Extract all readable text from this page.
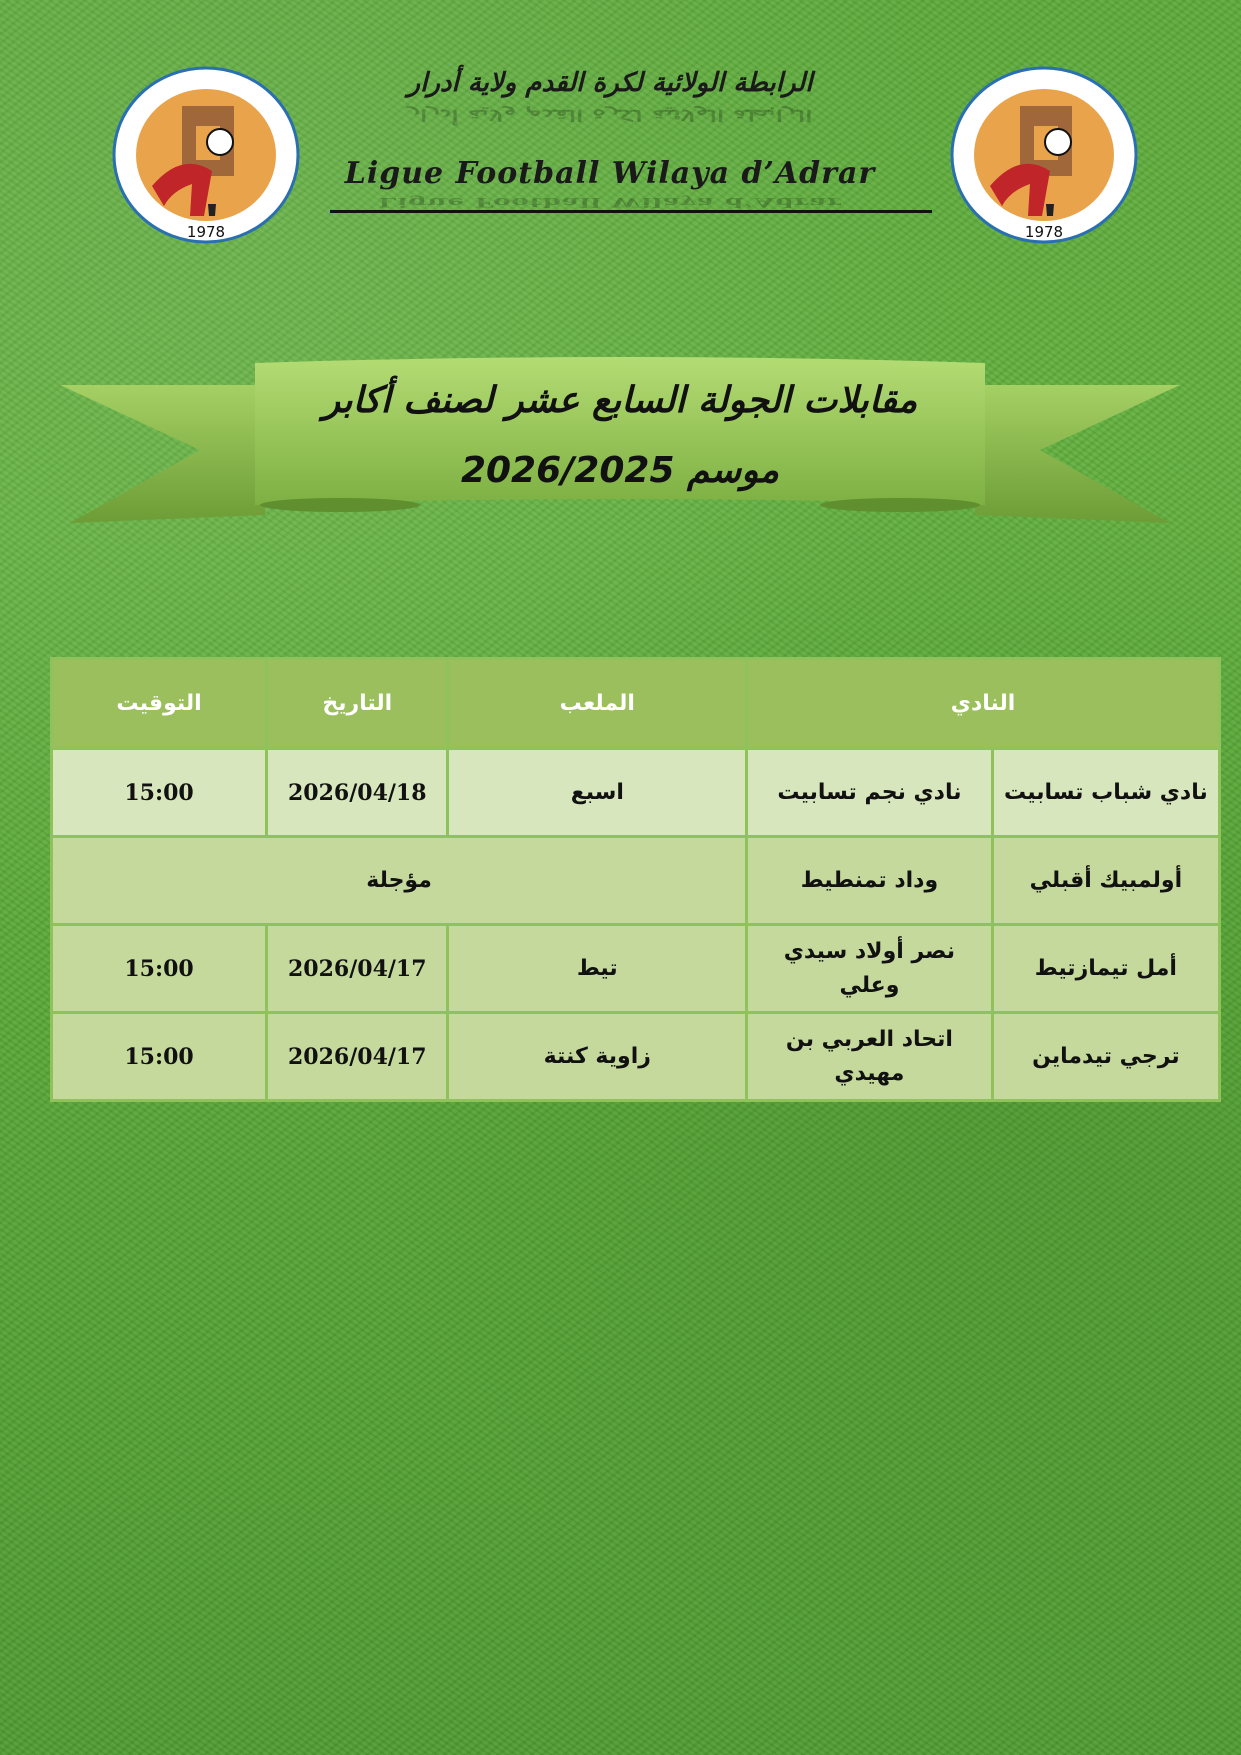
1978	1978
الرابطة الولائية لكرة القدم ولاية أدرار
الرابطة الولائية لكرة القدم ولاية أدرار
Ligue Football Wilaya d’Adrar
Ligue Football Wilaya d’Adrar
مقابلات الجولة السابع عشر لصنف أكابر
موسم 2026/2025
النادي		الملعب	التاريخ	التوقيت
نادي شباب تسابيت	نادي نجم تسابيت	اسبع	2026/04/18	15:00
أولمبيك أقبلي	وداد تمنطيط	مؤجلة		
أمل تيمازتيط	نصر أولاد سيدي وعلي	تيط	2026/04/17	15:00
ترجي تيدماين	اتحاد العربي بن مهيدي	زاوية كنتة	2026/04/17	15:00
